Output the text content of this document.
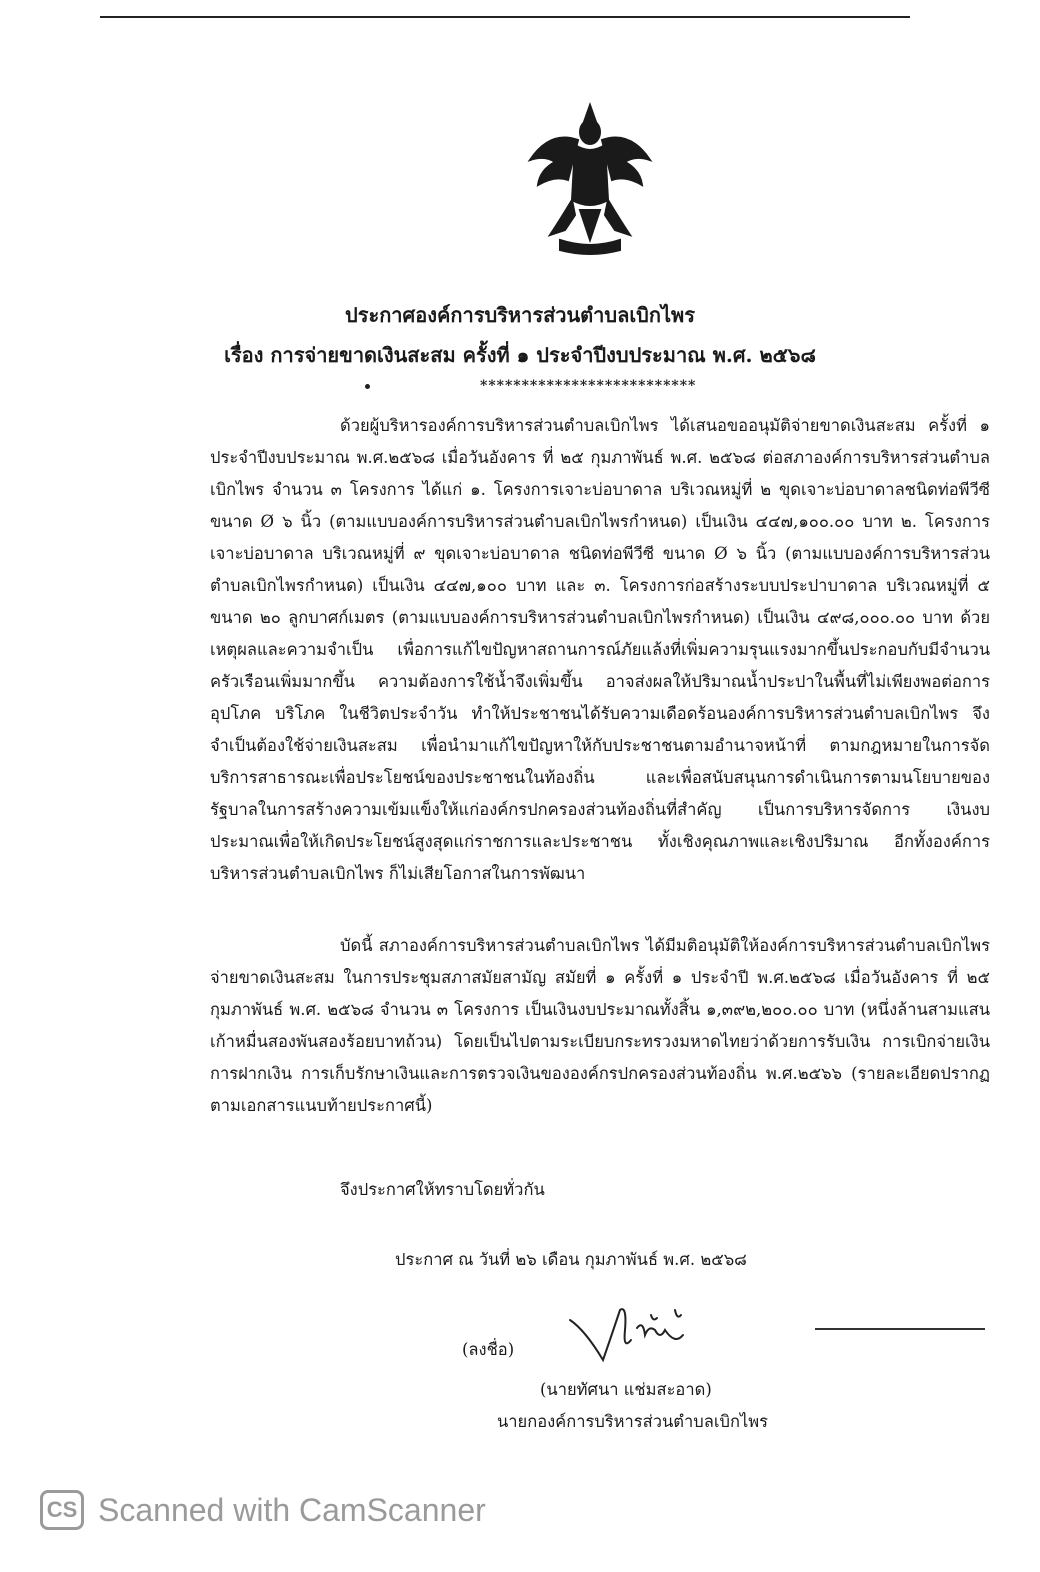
ประกาศองค์การบริหารส่วนตำบลเบิกไพร
เรื่อง การจ่ายขาดเงินสะสม ครั้งที่ ๑ ประจำปีงบประมาณ พ.ศ. ๒๕๖๘
**************************

ด้วยผู้บริหารองค์การบริหารส่วนตำบลเบิกไพร ได้เสนอขออนุมัติจ่ายขาดเงินสะสม ครั้งที่ ๑ ประจำปีงบประมาณ พ.ศ.๒๕๖๘ เมื่อวันอังคาร ที่ ๒๕ กุมภาพันธ์ พ.ศ. ๒๕๖๘ ต่อสภาองค์การบริหารส่วนตำบลเบิกไพร จำนวน ๓ โครงการ ได้แก่ ๑. โครงการเจาะบ่อบาดาล บริเวณหมู่ที่ ๒ ขุดเจาะบ่อบาดาลชนิดท่อพีวีซี ขนาด Ø ๖ นิ้ว (ตามแบบองค์การบริหารส่วนตำบลเบิกไพรกำหนด) เป็นเงิน ๔๔๗,๑๐๐.๐๐ บาท ๒. โครงการเจาะบ่อบาดาล บริเวณหมู่ที่ ๙ ขุดเจาะบ่อบาดาล ชนิดท่อพีวีซี ขนาด Ø ๖ นิ้ว (ตามแบบองค์การบริหารส่วนตำบลเบิกไพรกำหนด) เป็นเงิน ๔๔๗,๑๐๐ บาท และ ๓. โครงการก่อสร้างระบบประปาบาดาล บริเวณหมู่ที่ ๕ ขนาด ๒๐ ลูกบาศก์เมตร (ตามแบบองค์การบริหารส่วนตำบลเบิกไพรกำหนด) เป็นเงิน ๔๙๘,๐๐๐.๐๐ บาท ด้วยเหตุผลและความจำเป็น เพื่อการแก้ไขปัญหาสถานการณ์ภัยแล้งที่เพิ่มความรุนแรงมากขึ้นประกอบกับมีจำนวนครัวเรือนเพิ่มมากขึ้น ความต้องการใช้น้ำจึงเพิ่มขึ้น อาจส่งผลให้ปริมาณน้ำประปาในพื้นที่ไม่เพียงพอต่อการอุปโภค บริโภค ในชีวิตประจำวัน ทำให้ประชาชนได้รับความเดือดร้อนองค์การบริหารส่วนตำบลเบิกไพร จึงจำเป็นต้องใช้จ่ายเงินสะสม เพื่อนำมาแก้ไขปัญหาให้กับประชาชนตามอำนาจหน้าที่ ตามกฎหมายในการจัดบริการสาธารณะเพื่อประโยชน์ของประชาชนในท้องถิ่น และเพื่อสนับสนุนการดำเนินการตามนโยบายของรัฐบาลในการสร้างความเข้มแข็งให้แก่องค์กรปกครองส่วนท้องถิ่นที่สำคัญ เป็นการบริหารจัดการ เงินงบประมาณเพื่อให้เกิดประโยชน์สูงสุดแก่ราชการและประชาชน ทั้งเชิงคุณภาพและเชิงปริมาณ อีกทั้งองค์การบริหารส่วนตำบลเบิกไพร ก็ไม่เสียโอกาสในการพัฒนา

บัดนี้ สภาองค์การบริหารส่วนตำบลเบิกไพร ได้มีมติอนุมัติให้องค์การบริหารส่วนตำบลเบิกไพร จ่ายขาดเงินสะสม ในการประชุมสภาสมัยสามัญ สมัยที่ ๑ ครั้งที่ ๑ ประจำปี พ.ศ.๒๕๖๘ เมื่อวันอังคาร ที่ ๒๕ กุมภาพันธ์ พ.ศ. ๒๕๖๘ จำนวน ๓ โครงการ เป็นเงินงบประมาณทั้งสิ้น ๑,๓๙๒,๒๐๐.๐๐ บาท (หนึ่งล้านสามแสนเก้าหมื่นสองพันสองร้อยบาทถ้วน) โดยเป็นไปตามระเบียบกระทรวงมหาดไทยว่าด้วยการรับเงิน การเบิกจ่ายเงิน การฝากเงิน การเก็บรักษาเงินและการตรวจเงินขององค์กรปกครองส่วนท้องถิ่น พ.ศ.๒๕๖๖ (รายละเอียดปรากฏตามเอกสารแนบท้ายประกาศนี้)

จึงประกาศให้ทราบโดยทั่วกัน
ประกาศ ณ วันที่ ๒๖ เดือน กุมภาพันธ์ พ.ศ. ๒๕๖๘
(ลงชื่อ)
(นายทัศนา แช่มสะอาด)
นายกองค์การบริหารส่วนตำบลเบิกไพร
CS Scanned with CamScanner
